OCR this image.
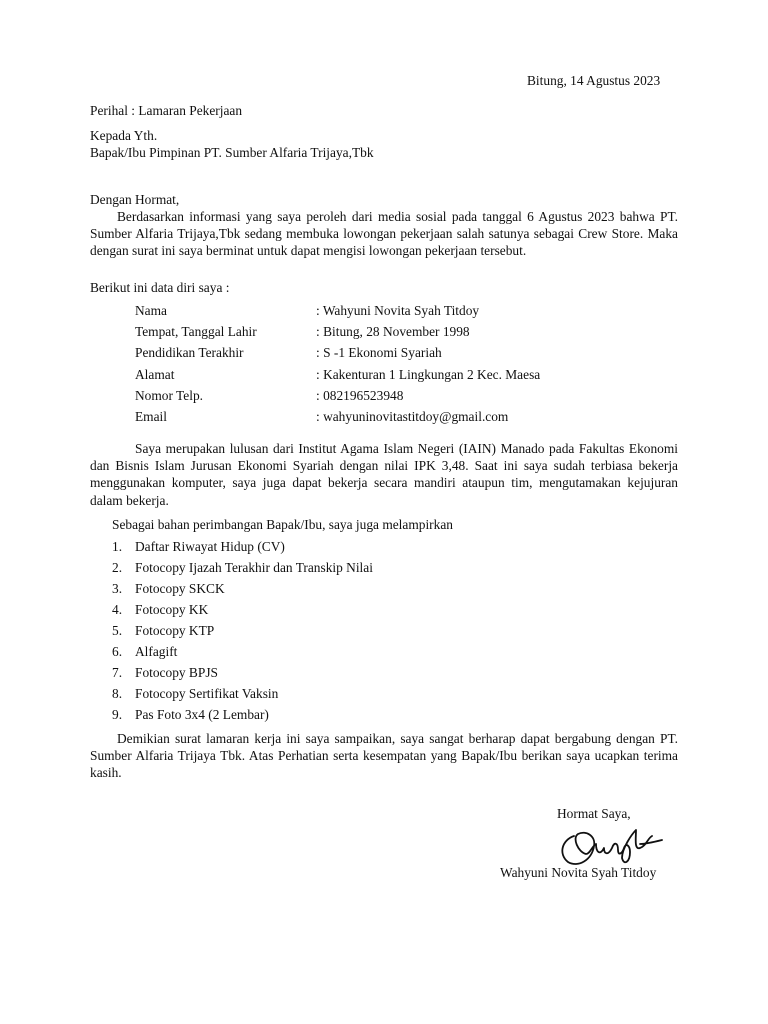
Bitung, 14 Agustus 2023
Perihal : Lamaran Pekerjaan
Kepada Yth.
Bapak/Ibu Pimpinan PT. Sumber Alfaria Trijaya,Tbk
Dengan Hormat,
Berdasarkan informasi yang saya peroleh dari media sosial pada tanggal 6 Agustus 2023 bahwa PT. Sumber Alfaria Trijaya,Tbk sedang membuka lowongan pekerjaan salah satunya sebagai Crew Store. Maka dengan surat ini saya berminat untuk dapat mengisi lowongan pekerjaan tersebut.
Berikut ini data diri saya :
Nama	: Wahyuni Novita Syah Titdoy
Tempat, Tanggal Lahir	: Bitung, 28 November 1998
Pendidikan Terakhir	: S -1 Ekonomi Syariah
Alamat	: Kakenturan 1 Lingkungan 2 Kec. Maesa
Nomor Telp.	: 082196523948
Email	: wahyuninovitastitdoy@gmail.com
Saya merupakan lulusan dari Institut Agama Islam Negeri (IAIN) Manado pada Fakultas Ekonomi dan Bisnis Islam Jurusan Ekonomi Syariah dengan nilai IPK 3,48. Saat ini saya sudah terbiasa bekerja menggunakan komputer, saya juga dapat bekerja secara mandiri ataupun tim, mengutamakan kejujuran dalam bekerja.
Sebagai bahan perimbangan Bapak/Ibu, saya juga melampirkan
1. Daftar Riwayat Hidup (CV)
2. Fotocopy Ijazah Terakhir dan Transkip Nilai
3. Fotocopy SKCK
4. Fotocopy KK
5. Fotocopy KTP
6. Alfagift
7. Fotocopy BPJS
8. Fotocopy Sertifikat Vaksin
9. Pas Foto 3x4 (2 Lembar)
Demikian surat lamaran kerja ini saya sampaikan, saya sangat berharap dapat bergabung dengan PT. Sumber Alfaria Trijaya Tbk. Atas Perhatian serta kesempatan yang Bapak/Ibu berikan saya ucapkan terima kasih.
Hormat Saya,
Wahyuni Novita Syah Titdoy
